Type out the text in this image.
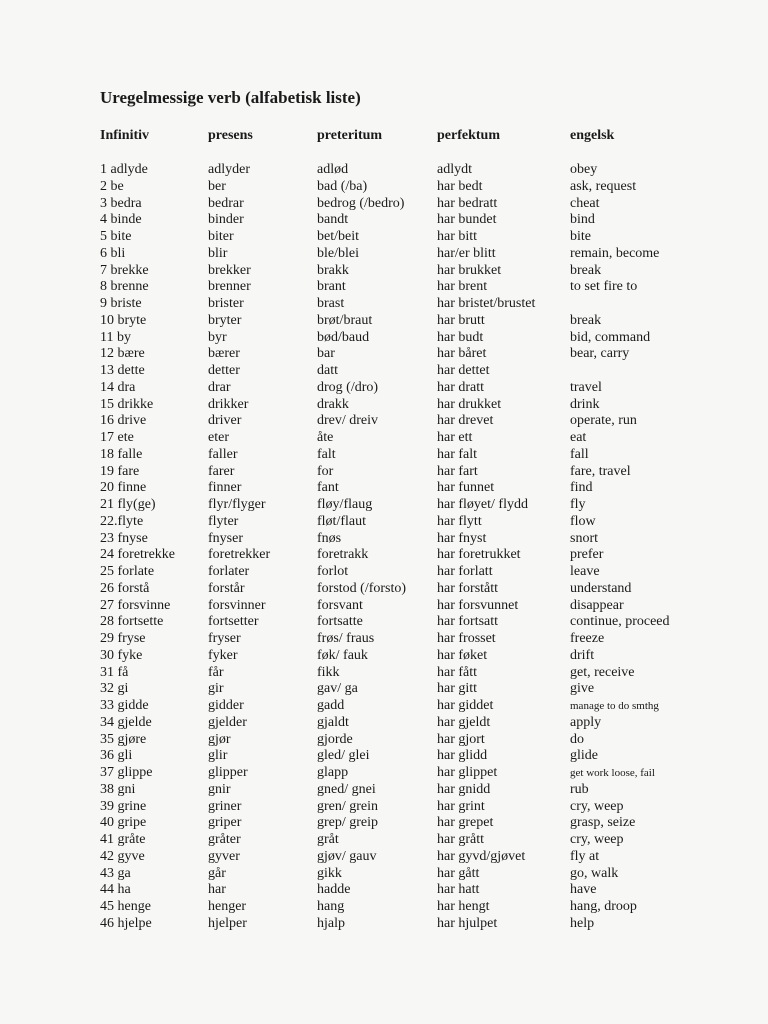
Uregelmessige verb (alfabetisk liste)
Infinitiv	presens	preteritum	perfektum	engelsk
1 adlyde	adlyder	adlød	adlydt	obey
2 be	ber	bad (/ba)	har bedt	ask, request
3 bedra	bedrar	bedrog (/bedro) har bedratt	cheat
4 binde	binder	bandt	har bundet	bind
5 bite	biter	bet/beit	har bitt	bite
6 bli	blir	ble/blei	har/er blitt	remain, become
7 brekke	brekker	brakk	har brukket	break
8 brenne	brenner	brant	har brent	to set fire to
9 briste	brister	brast	har bristet/brustet
10 bryte	bryter	brøt/braut	har brutt	break
11 by	byr	bød/baud	har budt	bid, command
12 bære	bærer	bar	har båret	bear, carry
13 dette	detter	datt	har dettet
14 dra	drar	drog (/dro)	har dratt	travel
15 drikke	drikker	drakk	har drukket	drink
16 drive	driver	drev/ dreiv	har drevet	operate, run
17 ete	eter	åte	har ett	eat
18 falle	faller	falt	har falt	fall
19 fare	farer	for	har fart	fare, travel
20 finne	finner	fant	har funnet	find
21 fly(ge)	flyr/flyger	fløy/flaug	har fløyet/ flydd	fly
22.flyte	flyter	fløt/flaut	har flytt	flow
23 fnyse	fnyser	fnøs	har fnyst	snort
24 foretrekke foretrekker	foretrakk	har foretrukket	prefer
25 forlate	forlater	forlot	har forlatt	leave
26 forstå	forstår	forstod (/forsto) har forstått	understand
27 forsvinne	forsvinner	forsvant	har forsvunnet	disappear
28 fortsette	fortsetter	fortsatte	har fortsatt	continue, proceed
29 fryse	fryser	frøs/ fraus	har frosset	freeze
30 fyke	fyker	føk/ fauk	har føket	drift
31 få	får	fikk	har fått	get, receive
32 gi	gir	gav/ ga	har gitt	give
33 gidde	gidder	gadd	har giddet	manage to do smthg
34 gjelde	gjelder	gjaldt	har gjeldt	apply
35 gjøre	gjør	gjorde	har gjort	do
36 gli	glir	gled/ glei	har glidd	glide
37 glippe	glipper	glapp	har glippet	get work loose, fail
38 gni	gnir	gned/ gnei	har gnidd	rub
39 grine	griner	gren/ grein	har grint	cry, weep
40 gripe	griper	grep/ greip	har grepet	grasp, seize
41 gråte	gråter	gråt	har grått	cry, weep
42 gyve	gyver	gjøv/ gauv	har gyvd/gjøvet	fly at
43 ga	går	gikk	har gått	go, walk
44 ha	har	hadde	har hatt	have
45 henge	henger	hang	har hengt	hang, droop
46 hjelpe	hjelper	hjalp	har hjulpet	help
